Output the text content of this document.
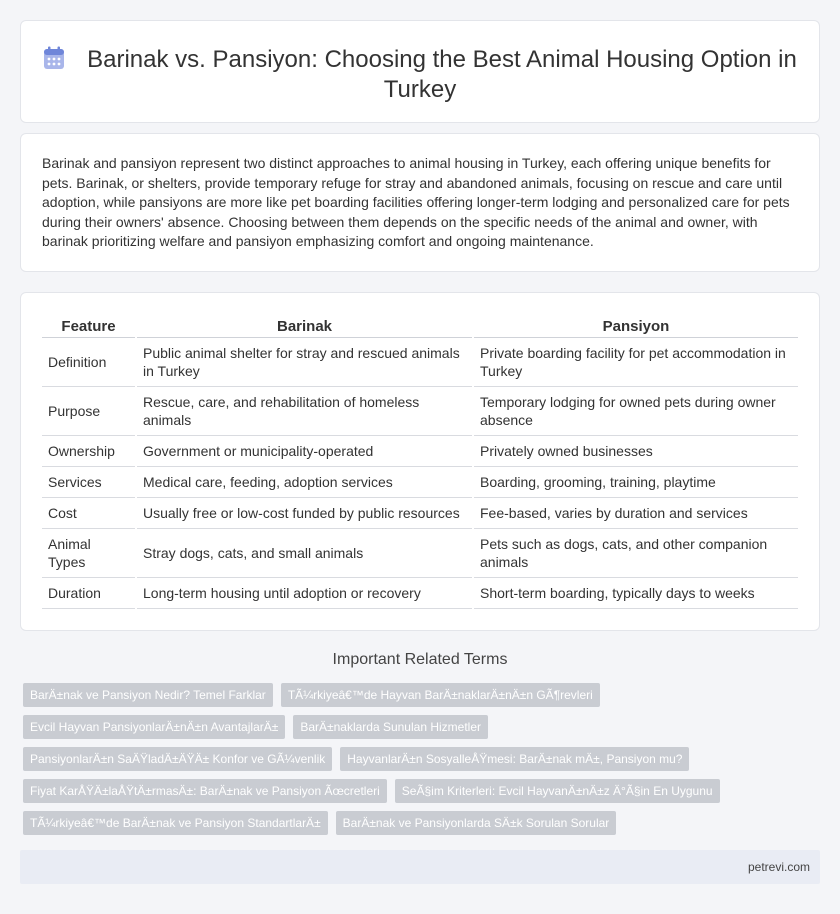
Barinak vs. Pansiyon: Choosing the Best Animal Housing Option in Turkey

Barinak and pansiyon represent two distinct approaches to animal housing in Turkey, each offering unique benefits for pets. Barinak, or shelters, provide temporary refuge for stray and abandoned animals, focusing on rescue and care until adoption, while pansiyons are more like pet boarding facilities offering longer-term lodging and personalized care for pets during their owners' absence. Choosing between them depends on the specific needs of the animal and owner, with barinak prioritizing welfare and pansiyon emphasizing comfort and ongoing maintenance.

Feature	Barinak	Pansiyon
Definition	Public animal shelter for stray and rescued animals in Turkey	Private boarding facility for pet accommodation in Turkey
Purpose	Rescue, care, and rehabilitation of homeless animals	Temporary lodging for owned pets during owner absence
Ownership	Government or municipality-operated	Privately owned businesses
Services	Medical care, feeding, adoption services	Boarding, grooming, training, playtime
Cost	Usually free or low-cost funded by public resources	Fee-based, varies by duration and services
Animal Types	Stray dogs, cats, and small animals	Pets such as dogs, cats, and other companion animals
Duration	Long-term housing until adoption or recovery	Short-term boarding, typically days to weeks
Important Related Terms
BarÄ±nak ve Pansiyon Nedir? Temel Farklar	TÃ¼rkiyeâ€™de Hayvan BarÄ±naklarÄ±nÄ±n GÃ¶revleri
Evcil Hayvan PansiyonlarÄ±nÄ±n AvantajlarÄ±	BarÄ±naklarda Sunulan Hizmetler
PansiyonlarÄ±n SaÄŸladÄ±ÄŸÄ± Konfor ve GÃ¼venlik	HayvanlarÄ±n SosyalleÅŸmesi: BarÄ±nak mÄ±, Pansiyon mu?
Fiyat KarÅŸÄ±laÅŸtÄ±rmasÄ±: BarÄ±nak ve Pansiyon Ãœcretleri	SeÃ§im Kriterleri: Evcil HayvanÄ±nÄ±z Ä°Ã§in En Uygunu
TÃ¼rkiyeâ€™de BarÄ±nak ve Pansiyon StandartlarÄ±	BarÄ±nak ve Pansiyonlarda SÄ±k Sorulan Sorular
petrevi.com
